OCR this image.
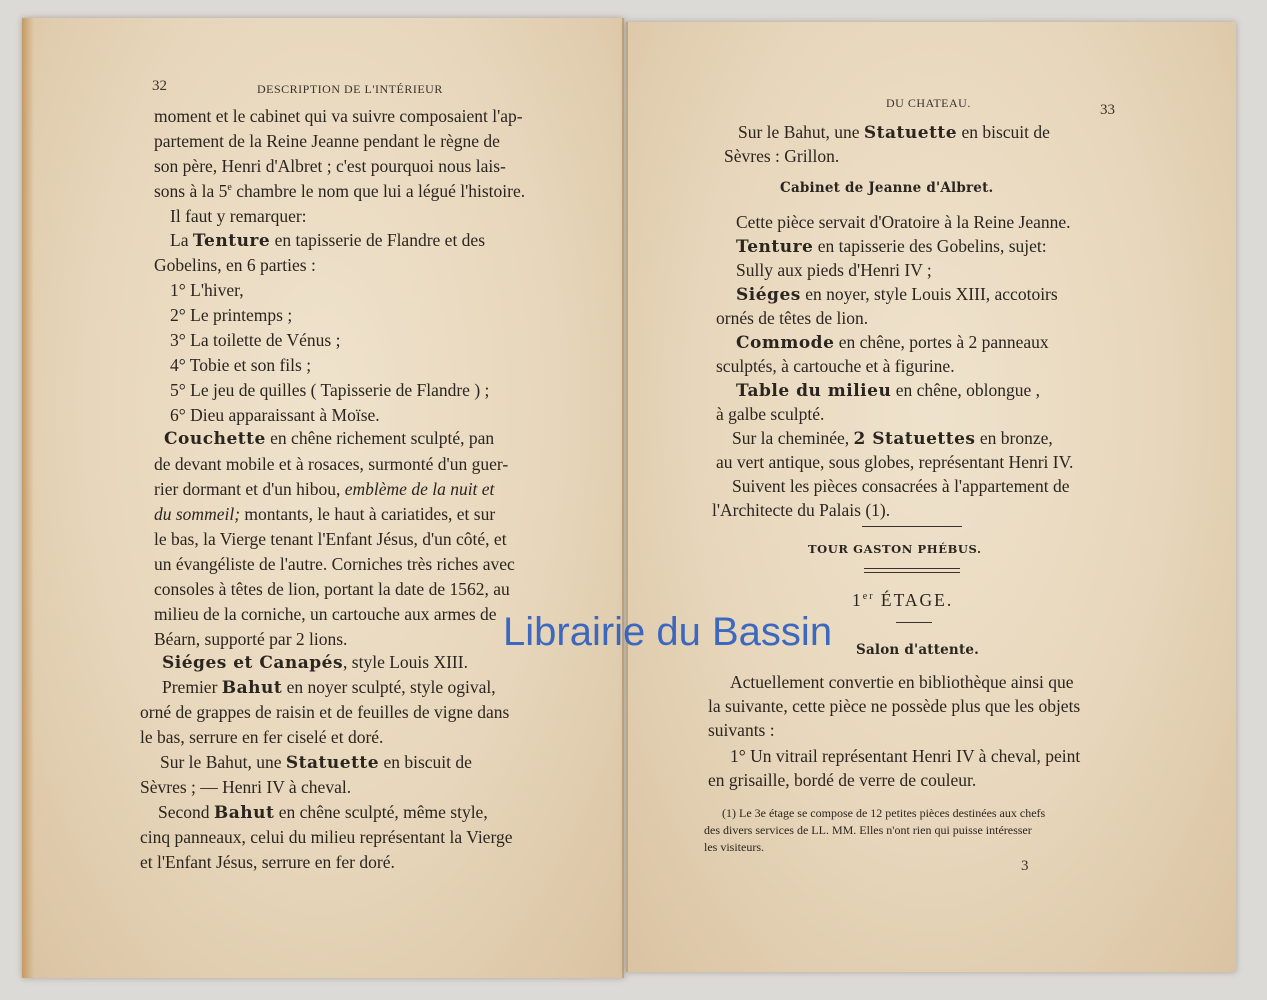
32	DESCRIPTION DE L'INTÉRIEUR
moment et le cabinet qui va suivre composaient l'ap-
partement de la Reine Jeanne pendant le règne de
son père, Henri d'Albret ; c'est pourquoi nous lais-
sons à la 5e chambre le nom que lui a légué l'histoire.
Il faut y remarquer:
La Tenture en tapisserie de Flandre et des
Gobelins, en 6 parties :
1° L'hiver,
2° Le printemps ;
3° La toilette de Vénus ;
4° Tobie et son fils ;
5° Le jeu de quilles ( Tapisserie de Flandre ) ;
6° Dieu apparaissant à Moïse.
Couchette en chêne richement sculpté, pan
de devant mobile et à rosaces, surmonté d'un guer-
rier dormant et d'un hibou, emblème de la nuit et
du sommeil; montants, le haut à cariatides, et sur
le bas, la Vierge tenant l'Enfant Jésus, d'un côté, et
un évangéliste de l'autre. Corniches très riches avec
consoles à têtes de lion, portant la date de 1562, au
milieu de la corniche, un cartouche aux armes de
Béarn, supporté par 2 lions.
Siéges et Canapés, style Louis XIII.
Premier Bahut en noyer sculpté, style ogival,
orné de grappes de raisin et de feuilles de vigne dans
le bas, serrure en fer ciselé et doré.
Sur le Bahut, une Statuette en biscuit de
Sèvres ; — Henri IV à cheval.
Second Bahut en chêne sculpté, même style,
cinq panneaux, celui du milieu représentant la Vierge
et l'Enfant Jésus, serrure en fer doré.
DU CHATEAU.	33
Sur le Bahut, une Statuette en biscuit de
Sèvres : Grillon.
Cabinet de Jeanne d'Albret.
Cette pièce servait d'Oratoire à la Reine Jeanne.
Tenture en tapisserie des Gobelins, sujet:
Sully aux pieds d'Henri IV ;
Siéges en noyer, style Louis XIII, accotoirs
ornés de têtes de lion.
Commode en chêne, portes à 2 panneaux
sculptés, à cartouche et à figurine.
Table du milieu en chêne, oblongue ,
à galbe sculpté.
Sur la cheminée, 2 Statuettes en bronze,
au vert antique, sous globes, représentant Henri IV.
Suivent les pièces consacrées à l'appartement de
l'Architecte du Palais (1).
TOUR GASTON PHÉBUS.
1er ÉTAGE.
Salon d'attente.
Actuellement convertie en bibliothèque ainsi que
la suivante, cette pièce ne possède plus que les objets
suivants :
1° Un vitrail représentant Henri IV à cheval, peint
en grisaille, bordé de verre de couleur.
(1) Le 3e étage se compose de 12 petites pièces destinées aux chefs
des divers services de LL. MM. Elles n'ont rien qui puisse intéresser
les visiteurs.
3
Librairie du Bassin
